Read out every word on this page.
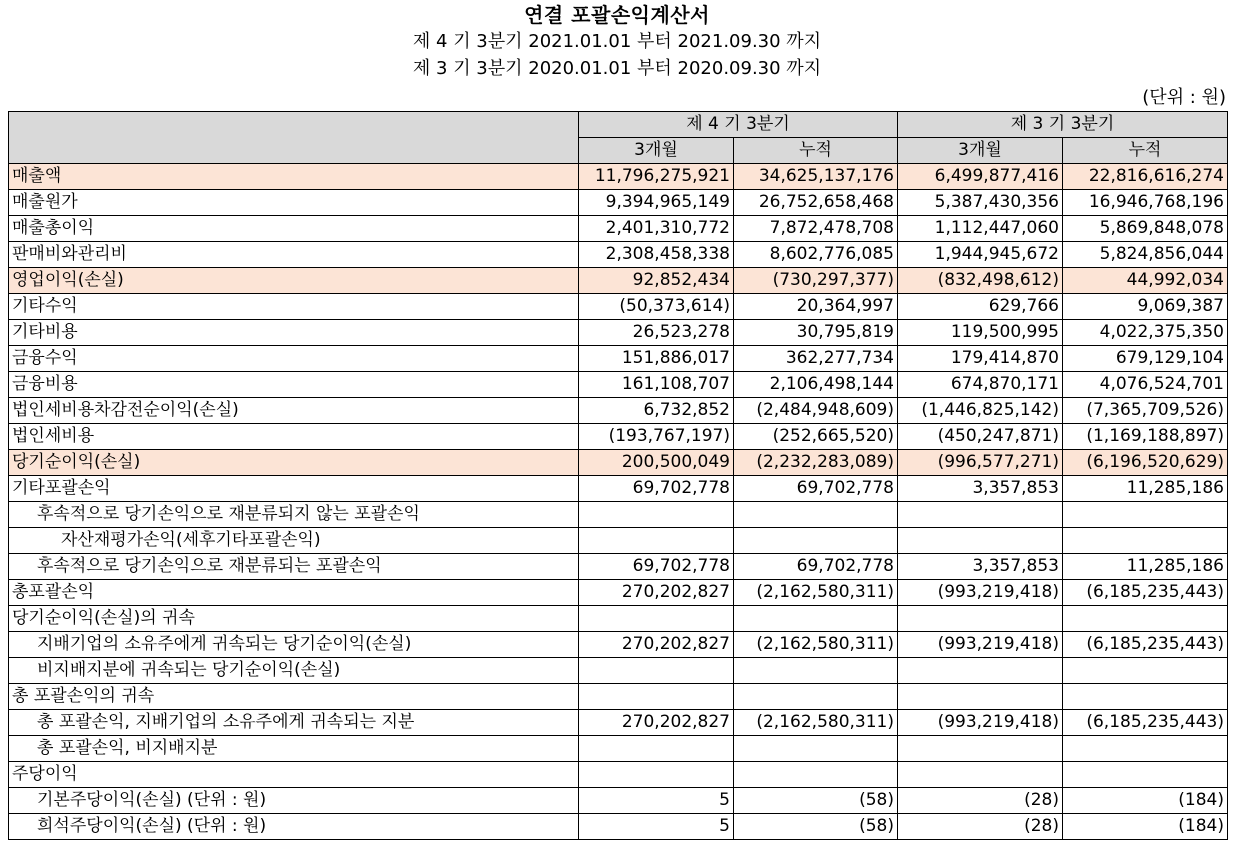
연결 포괄손익계산서
제 4 기 3분기 2021.01.01 부터 2021.09.30 까지
제 3 기 3분기 2020.01.01 부터 2020.09.30 까지
(단위 : 원)
	제 4 기 3분기		제 3 기 3분기	
	3개월	누적	3개월	누적
매출액	11,796,275,921	34,625,137,176	6,499,877,416	22,816,616,274
매출원가	9,394,965,149	26,752,658,468	5,387,430,356	16,946,768,196
매출총이익	2,401,310,772	7,872,478,708	1,112,447,060	5,869,848,078
판매비와관리비	2,308,458,338	8,602,776,085	1,944,945,672	5,824,856,044
영업이익(손실)	92,852,434	(730,297,377)	(832,498,612)	44,992,034
기타수익	(50,373,614)	20,364,997	629,766	9,069,387
기타비용	26,523,278	30,795,819	119,500,995	4,022,375,350
금융수익	151,886,017	362,277,734	179,414,870	679,129,104
금융비용	161,108,707	2,106,498,144	674,870,171	4,076,524,701
법인세비용차감전순이익(손실)	6,732,852	(2,484,948,609)	(1,446,825,142)	(7,365,709,526)
법인세비용	(193,767,197)	(252,665,520)	(450,247,871)	(1,169,188,897)
당기순이익(손실)	200,500,049	(2,232,283,089)	(996,577,271)	(6,196,520,629)
기타포괄손익	69,702,778	69,702,778	3,357,853	11,285,186
후속적으로 당기손익으로 재분류되지 않는 포괄손익				
자산재평가손익(세후기타포괄손익)				
후속적으로 당기손익으로 재분류되는 포괄손익	69,702,778	69,702,778	3,357,853	11,285,186
총포괄손익	270,202,827	(2,162,580,311)	(993,219,418)	(6,185,235,443)
당기순이익(손실)의 귀속				
지배기업의 소유주에게 귀속되는 당기순이익(손실)	270,202,827	(2,162,580,311)	(993,219,418)	(6,185,235,443)
비지배지분에 귀속되는 당기순이익(손실)				
총 포괄손익의 귀속				
총 포괄손익, 지배기업의 소유주에게 귀속되는 지분	270,202,827	(2,162,580,311)	(993,219,418)	(6,185,235,443)
총 포괄손익, 비지배지분				
주당이익				
기본주당이익(손실) (단위 : 원)	5	(58)	(28)	(184)
희석주당이익(손실) (단위 : 원)	5	(58)	(28)	(184)
